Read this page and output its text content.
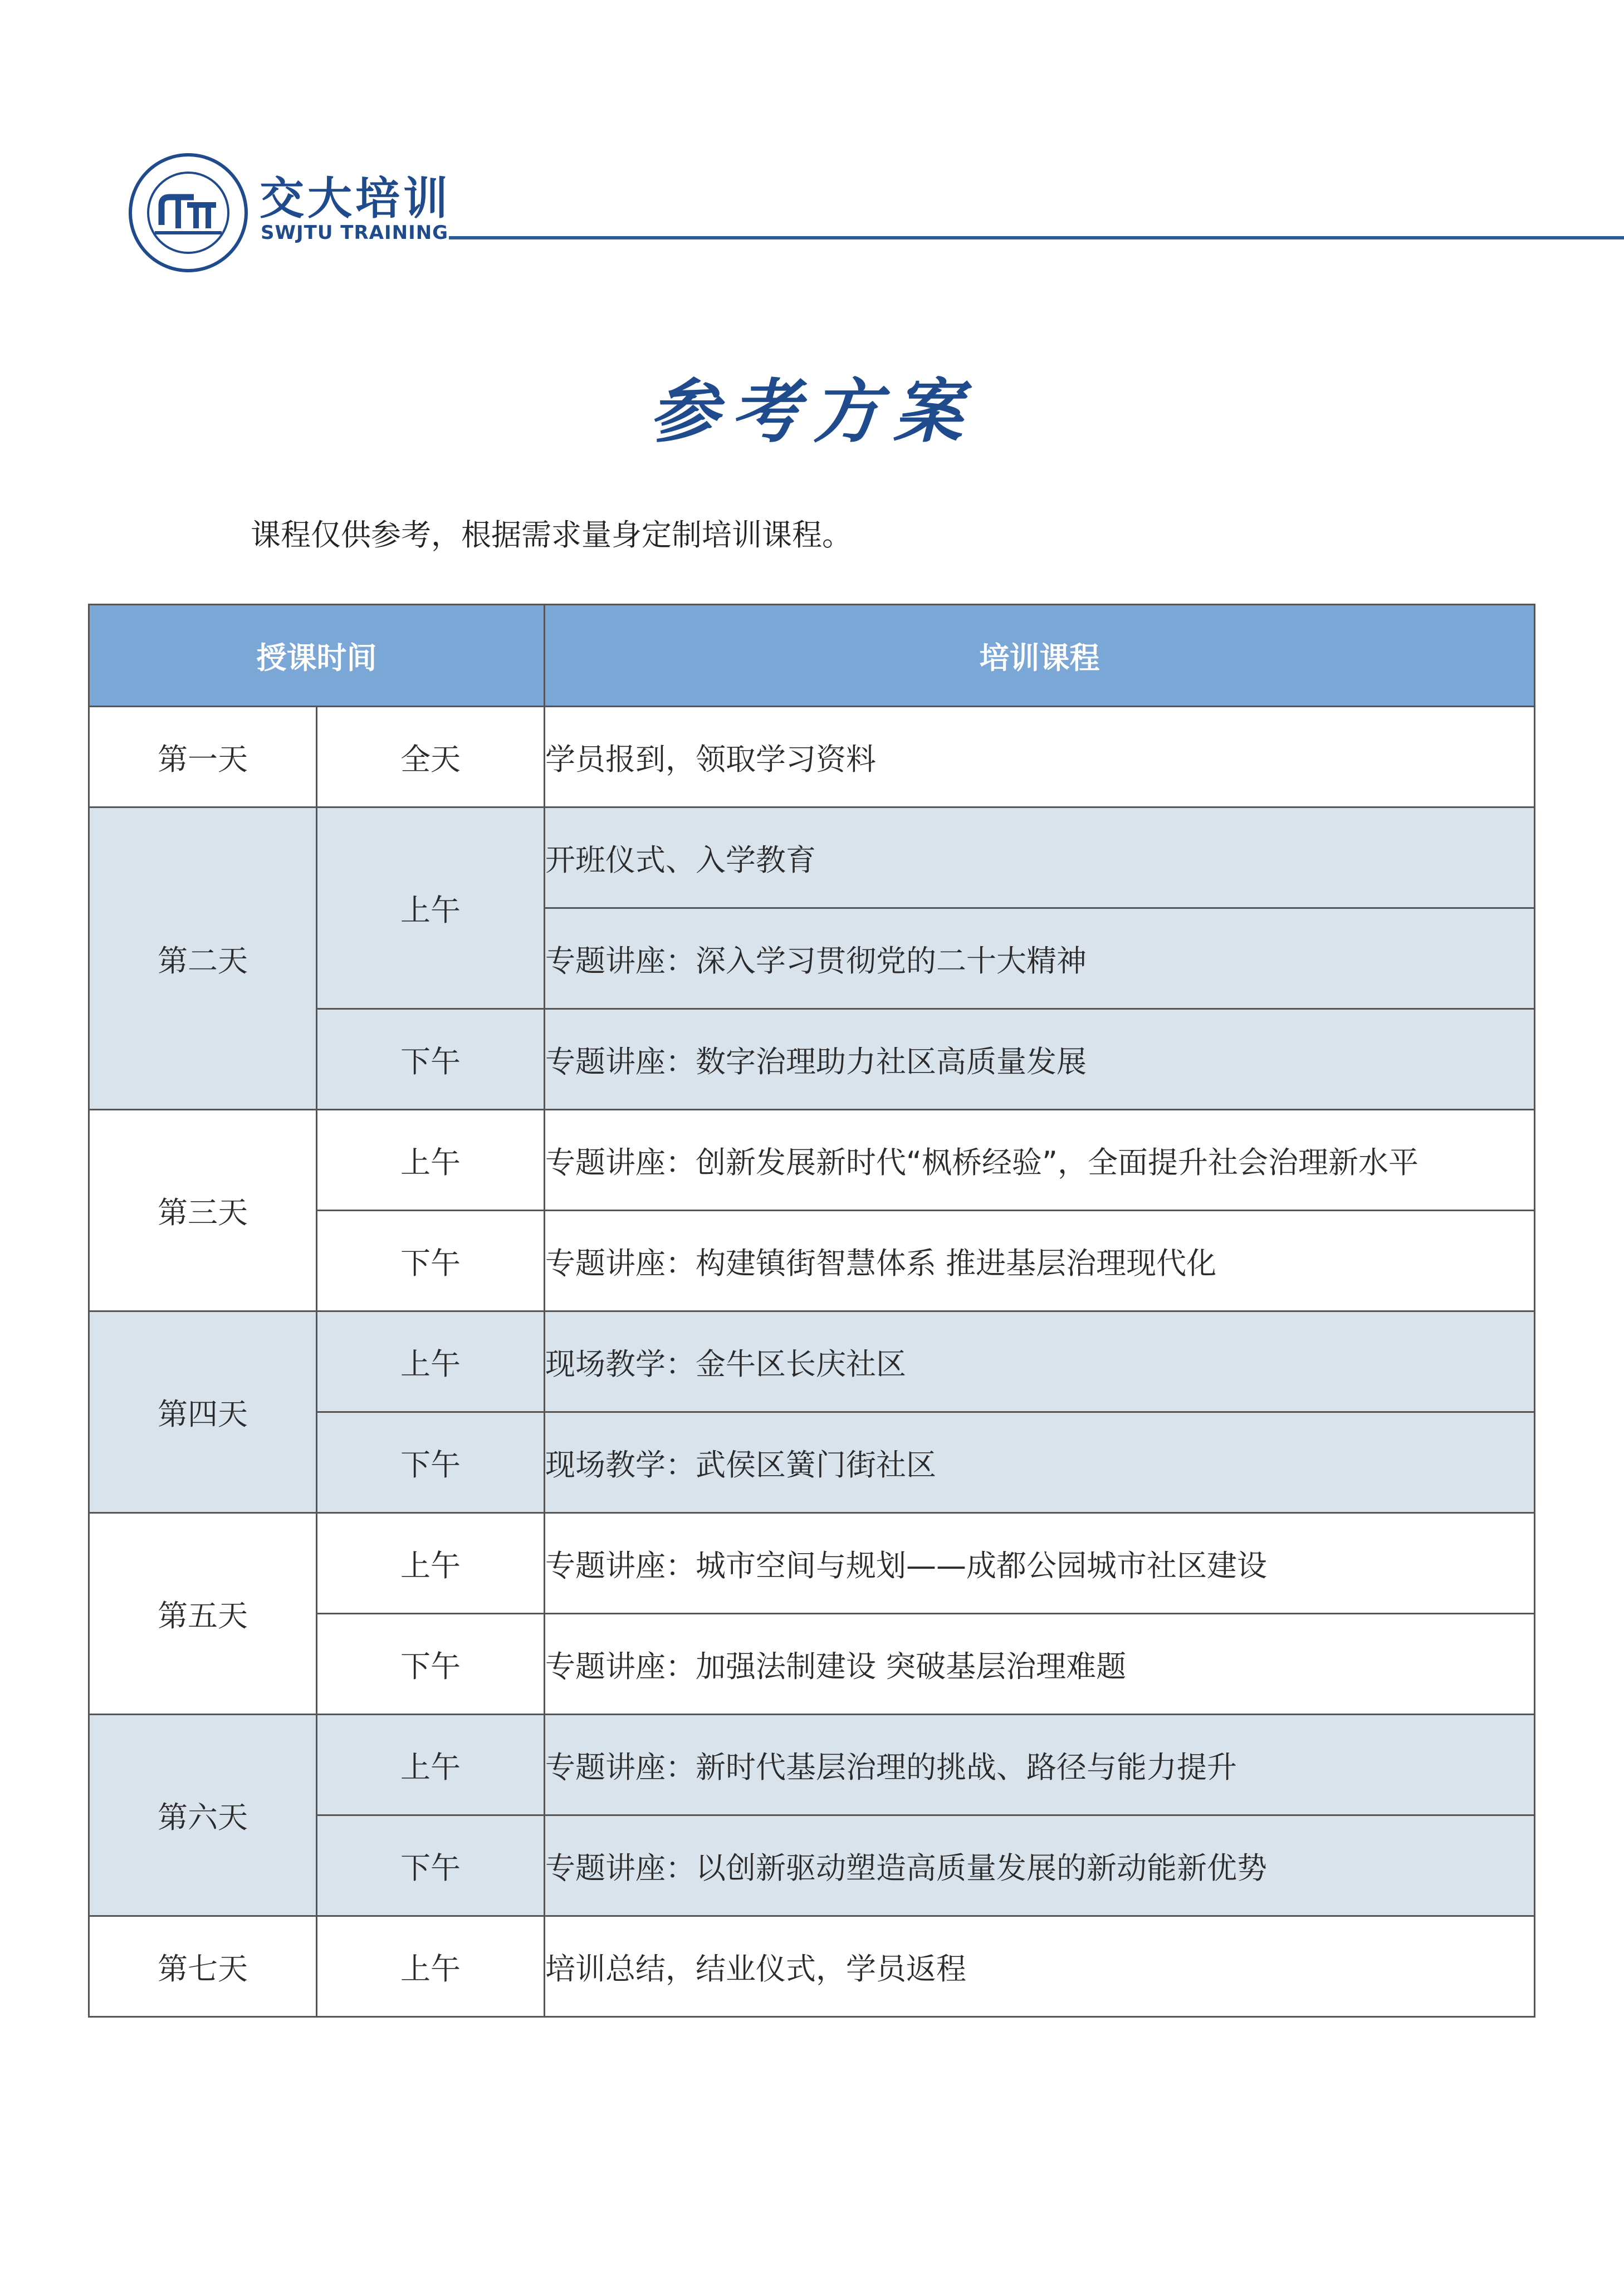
交大培训
SWJTU TRAINING
参考方案
课程仅供参考，根据需求量身定制培训课程。
授课时间		培训课程
第一天	全天	学员报到，领取学习资料
第二天	上午	开班仪式、入学教育
		专题讲座：深入学习贯彻党的二十大精神
	下午	专题讲座：数字治理助力社区高质量发展
第三天	上午	专题讲座：创新发展新时代“枫桥经验”，全面提升社会治理新水平
	下午	专题讲座：构建镇街智慧体系 推进基层治理现代化
第四天	上午	现场教学：金牛区长庆社区
	下午	现场教学：武侯区簧门街社区
第五天	上午	专题讲座：城市空间与规划——成都公园城市社区建设
	下午	专题讲座：加强法制建设 突破基层治理难题
第六天	上午	专题讲座：新时代基层治理的挑战、路径与能力提升
	下午	专题讲座：以创新驱动塑造高质量发展的新动能新优势
第七天	上午	培训总结，结业仪式，学员返程
